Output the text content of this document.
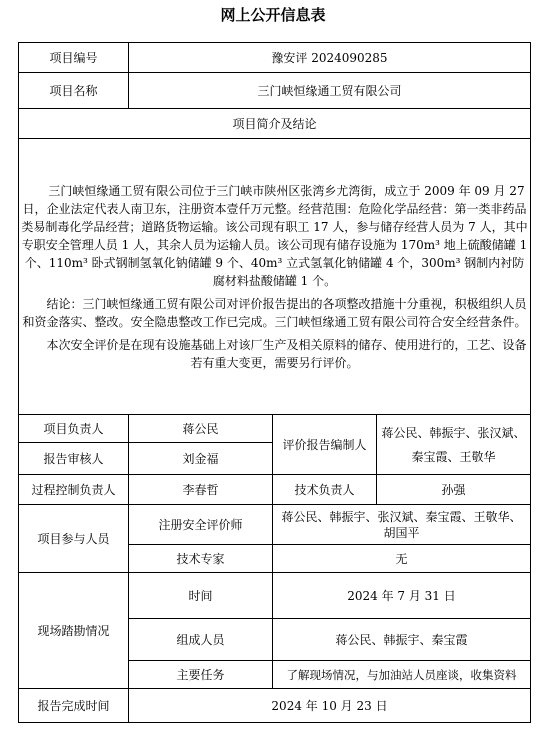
网上公开信息表
项目编号	豫安评 2024090285		
项目名称	三门峡恒缘通工贸有限公司		
项目简介及结论			

三门峡恒缘通工贸有限公司位于三门峡市陕州区张湾乡尤湾街，成立于 2009 年 09 月 27 日，企业法定代表人南卫东，注册资本壹仟万元整。经营范围：危险化学品经营：第一类非药品类易制毒化学品经营；道路货物运输。该公司现有职工 17 人，参与储存经营人员为 7 人，其中专职安全管理人员 1 人，其余人员为运输人员。该公司现有储存设施为 170m³ 地上硫酸储罐 1 个、110m³ 卧式钢制氢氧化钠储罐 9 个、40m³ 立式氢氧化钠储罐 4 个，300m³ 钢制内衬防腐材料盐酸储罐 1 个。

结论：三门峡恒缘通工贸有限公司对评价报告提出的各项整改措施十分重视，积极组织人员和资金落实、整改。安全隐患整改工作已完成。三门峡恒缘通工贸有限公司符合安全经营条件。

本次安全评价是在现有设施基础上对该厂生产及相关原料的储存、使用进行的，工艺、设备若有重大变更，需要另行评价。			

项目负责人	蒋公民	评价报告编制人	蒋公民、韩振宇、张汉斌、
秦宝霞、王敬华

报告审核人	刘金福		
过程控制负责人	李春哲	技术负责人	孙强
项目参与人员	注册安全评价师	蒋公民、韩振宇、张汉斌、秦宝霞、王敬华、
胡国平	

	技术专家	无	
现场踏勘情况	时间	2024 年 7 月 31 日	
	组成人员	蒋公民、韩振宇、秦宝霞	
	主要任务	了解现场情况，与加油站人员座谈，收集资料	
报告完成时间	2024 年 10 月 23 日		
